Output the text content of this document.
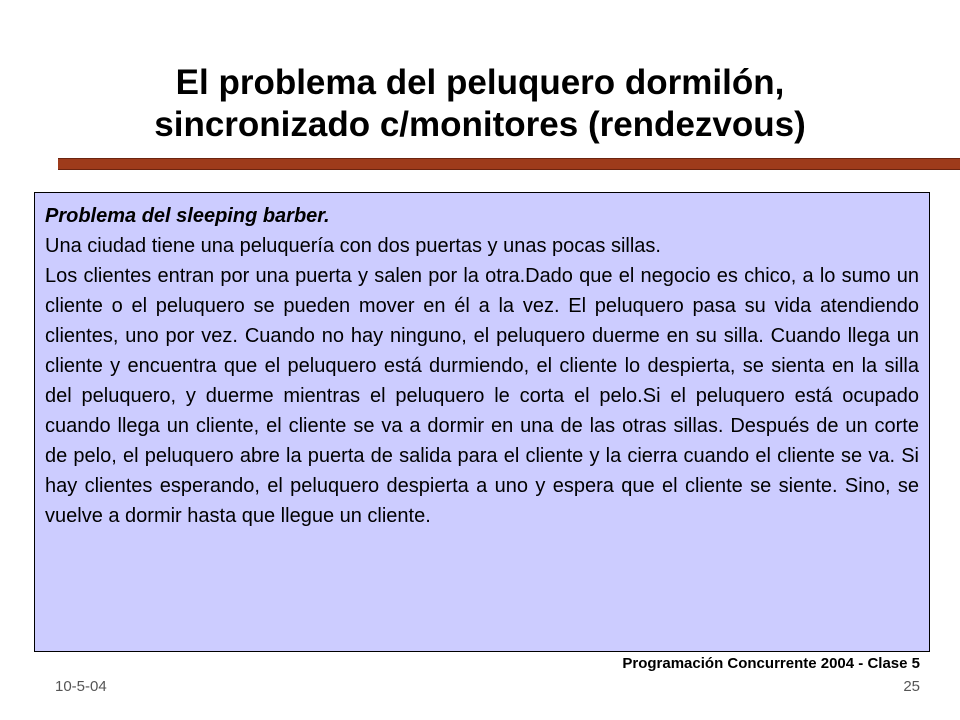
El problema del peluquero dormilón,
sincronizado c/monitores (rendezvous)
Problema del sleeping barber.

Una ciudad tiene una peluquería con dos puertas y unas pocas sillas.

Los clientes entran por una puerta y salen por la otra.Dado que el negocio es chico, a lo sumo un cliente o el peluquero se pueden mover en él a la vez. El peluquero pasa su vida atendiendo clientes, uno por vez. Cuando no hay ninguno, el peluquero duerme en su silla. Cuando llega un cliente y encuentra que el peluquero está durmiendo, el cliente lo despierta, se sienta en la silla del peluquero, y duerme mientras el peluquero le corta el pelo.Si el peluquero está ocupado cuando llega un cliente, el cliente se va a dormir en una de las otras sillas. Después de un corte de pelo, el peluquero abre la puerta de salida para el cliente y la cierra cuando el cliente se va. Si hay clientes esperando, el peluquero despierta a uno y espera que el cliente se siente. Sino, se vuelve a dormir hasta que llegue un cliente.

Programación Concurrente 2004 - Clase 5
10-5-04	25
